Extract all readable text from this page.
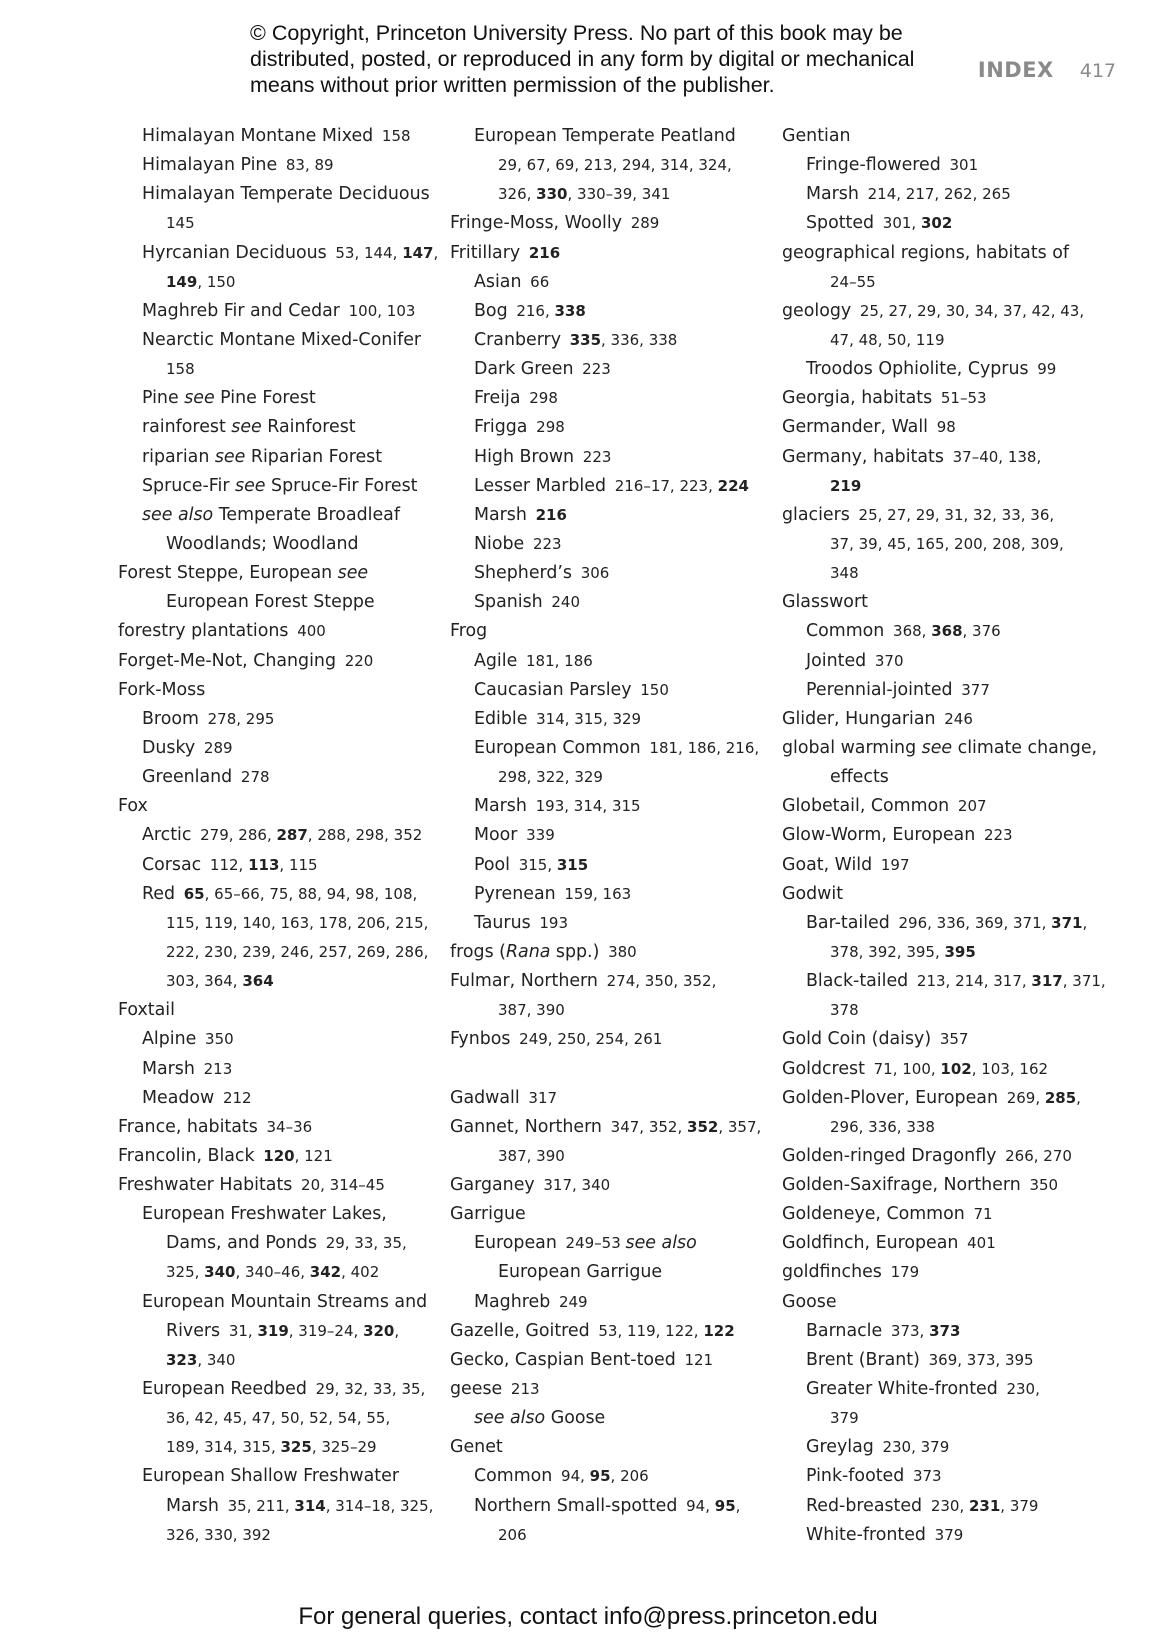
© Copyright, Princeton University Press. No part of this book may be distributed, posted, or reproduced in any form by digital or mechanical means without prior written permission of the publisher.
INDEX 417
Himalayan Montane Mixed  158
Himalayan Pine  83, 89
Himalayan Temperate Deciduous
145
Hyrcanian Deciduous  53, 144, 147,
149, 150
Maghreb Fir and Cedar  100, 103
Nearctic Montane Mixed-Conifer
158
Pine see Pine Forest
rainforest see Rainforest
riparian see Riparian Forest
Spruce-Fir see Spruce-Fir Forest
see also Temperate Broadleaf
Woodlands; Woodland
Forest Steppe, European see
European Forest Steppe
forestry plantations  400
Forget-Me-Not, Changing  220
Fork-Moss
Broom  278, 295
Dusky  289
Greenland  278
Fox
Arctic  279, 286, 287, 288, 298, 352
Corsac  112, 113, 115
Red  65, 65–66, 75, 88, 94, 98, 108,
115, 119, 140, 163, 178, 206, 215,
222, 230, 239, 246, 257, 269, 286,
303, 364, 364
Foxtail
Alpine  350
Marsh  213
Meadow  212
France, habitats  34–36
Francolin, Black  120, 121
Freshwater Habitats  20, 314–45
European Freshwater Lakes,
Dams, and Ponds  29, 33, 35,
325, 340, 340–46, 342, 402
European Mountain Streams and
Rivers  31, 319, 319–24, 320,
323, 340
European Reedbed  29, 32, 33, 35,
36, 42, 45, 47, 50, 52, 54, 55,
189, 314, 315, 325, 325–29
European Shallow Freshwater
Marsh  35, 211, 314, 314–18, 325,
326, 330, 392
European Temperate Peatland
29, 67, 69, 213, 294, 314, 324,
326, 330, 330–39, 341
Fringe-Moss, Woolly  289
Fritillary  216
Asian  66
Bog  216, 338
Cranberry  335, 336, 338
Dark Green  223
Freija  298
Frigga  298
High Brown  223
Lesser Marbled  216–17, 223, 224
Marsh  216
Niobe  223
Shepherd’s  306
Spanish  240
Frog
Agile  181, 186
Caucasian Parsley  150
Edible  314, 315, 329
European Common  181, 186, 216,
298, 322, 329
Marsh  193, 314, 315
Moor  339
Pool  315, 315
Pyrenean  159, 163
Taurus  193
frogs (Rana spp.)  380
Fulmar, Northern  274, 350, 352,
387, 390
Fynbos  249, 250, 254, 261
Gadwall  317
Gannet, Northern  347, 352, 352, 357,
387, 390
Garganey  317, 340
Garrigue
European  249–53 see also
European Garrigue
Maghreb  249
Gazelle, Goitred  53, 119, 122, 122
Gecko, Caspian Bent-toed  121
geese  213
see also Goose
Genet
Common  94, 95, 206
Northern Small-spotted  94, 95,
206
Gentian
Fringe-flowered  301
Marsh  214, 217, 262, 265
Spotted  301, 302
geographical regions, habitats of
24–55
geology  25, 27, 29, 30, 34, 37, 42, 43,
47, 48, 50, 119
Troodos Ophiolite, Cyprus  99
Georgia, habitats  51–53
Germander, Wall  98
Germany, habitats  37–40, 138,
219
glaciers  25, 27, 29, 31, 32, 33, 36,
37, 39, 45, 165, 200, 208, 309,
348
Glasswort
Common  368, 368, 376
Jointed  370
Perennial-jointed  377
Glider, Hungarian  246
global warming see climate change,
effects
Globetail, Common  207
Glow-Worm, European  223
Goat, Wild  197
Godwit
Bar-tailed  296, 336, 369, 371, 371,
378, 392, 395, 395
Black-tailed  213, 214, 317, 317, 371,
378
Gold Coin (daisy)  357
Goldcrest  71, 100, 102, 103, 162
Golden-Plover, European  269, 285,
296, 336, 338
Golden-ringed Dragonfly  266, 270
Golden-Saxifrage, Northern  350
Goldeneye, Common  71
Goldfinch, European  401
goldfinches  179
Goose
Barnacle  373, 373
Brent (Brant)  369, 373, 395
Greater White-fronted  230,
379
Greylag  230, 379
Pink-footed  373
Red-breasted  230, 231, 379
White-fronted  379
For general queries, contact info@press.princeton.edu
